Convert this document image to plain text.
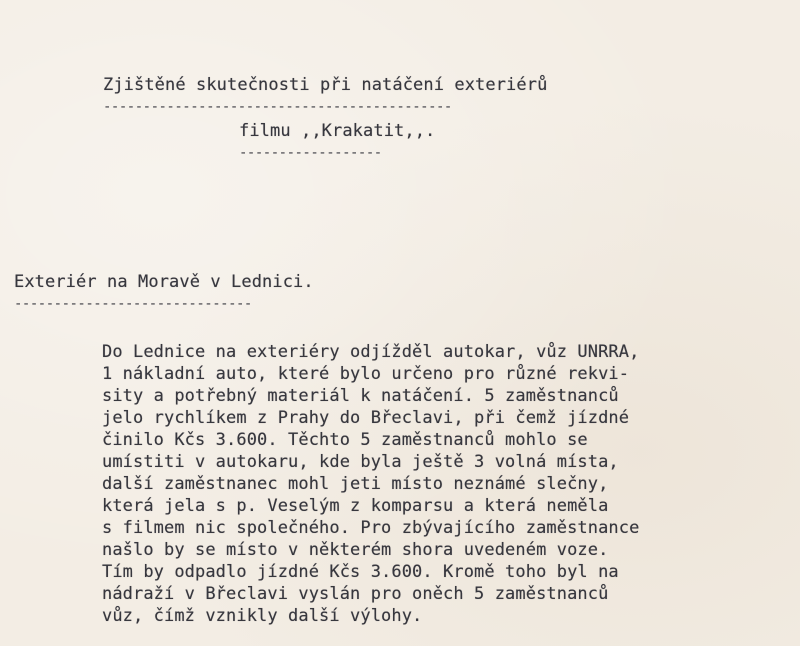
Zjištěné skutečnosti při natáčení exteriérů
--------------------------------------------
filmu ,,Krakatit,,.
------------------
Exteriér na Moravě v Lednici.
------------------------------
Do Lednice na exteriéry odjížděl autokar, vůz UNRRA,
1 nákladní auto, které bylo určeno pro různé rekvi-
sity a potřebný materiál k natáčení. 5 zaměstnanců
jelo rychlíkem z Prahy do Břeclavi, při čemž jízdné
činilo Kčs 3.600. Těchto 5 zaměstnanců mohlo se
umístiti v autokaru, kde byla ještě 3 volná místa,
další zaměstnanec mohl jeti místo neznámé slečny,
která jela s p. Veselým z komparsu a která neměla
s filmem nic společného. Pro zbývajícího zaměstnance
našlo by se místo v některém shora uvedeném voze.
Tím by odpadlo jízdné Kčs 3.600. Kromě toho byl na
nádraží v Břeclavi vyslán pro oněch 5 zaměstnanců
vůz, čímž vznikly další výlohy.
